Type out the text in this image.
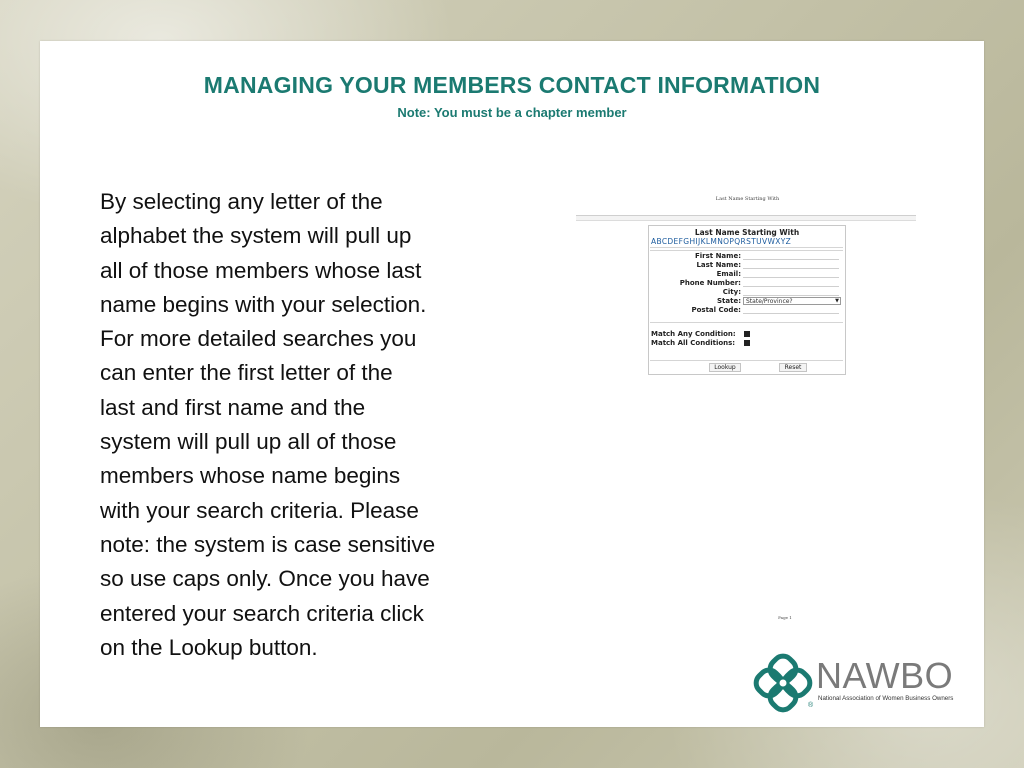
MANAGING YOUR MEMBERS CONTACT INFORMATION
Note: You must be a chapter member
By selecting any letter of the
alphabet the system will pull up
all of those members whose last
name begins with your selection.
For more detailed searches you
can enter the first letter of the
last and first name and the
system will pull up all of those
members whose name begins
with your search criteria. Please
note: the system is case sensitive
so use caps only. Once you have
entered your search criteria click
on the Lookup button.
Last Name Starting With
Last Name Starting With
ABCDEFGHIJKLMNOPQRSTUVWXYZ
First Name:
Last Name:
Email:
Phone Number:
City:
State: State/Province?	▼
Postal Code:
Match Any Condition:
Match All Conditions:
Lookup	Reset
Page 1
NAWBO
National Association of Women Business Owners
®
